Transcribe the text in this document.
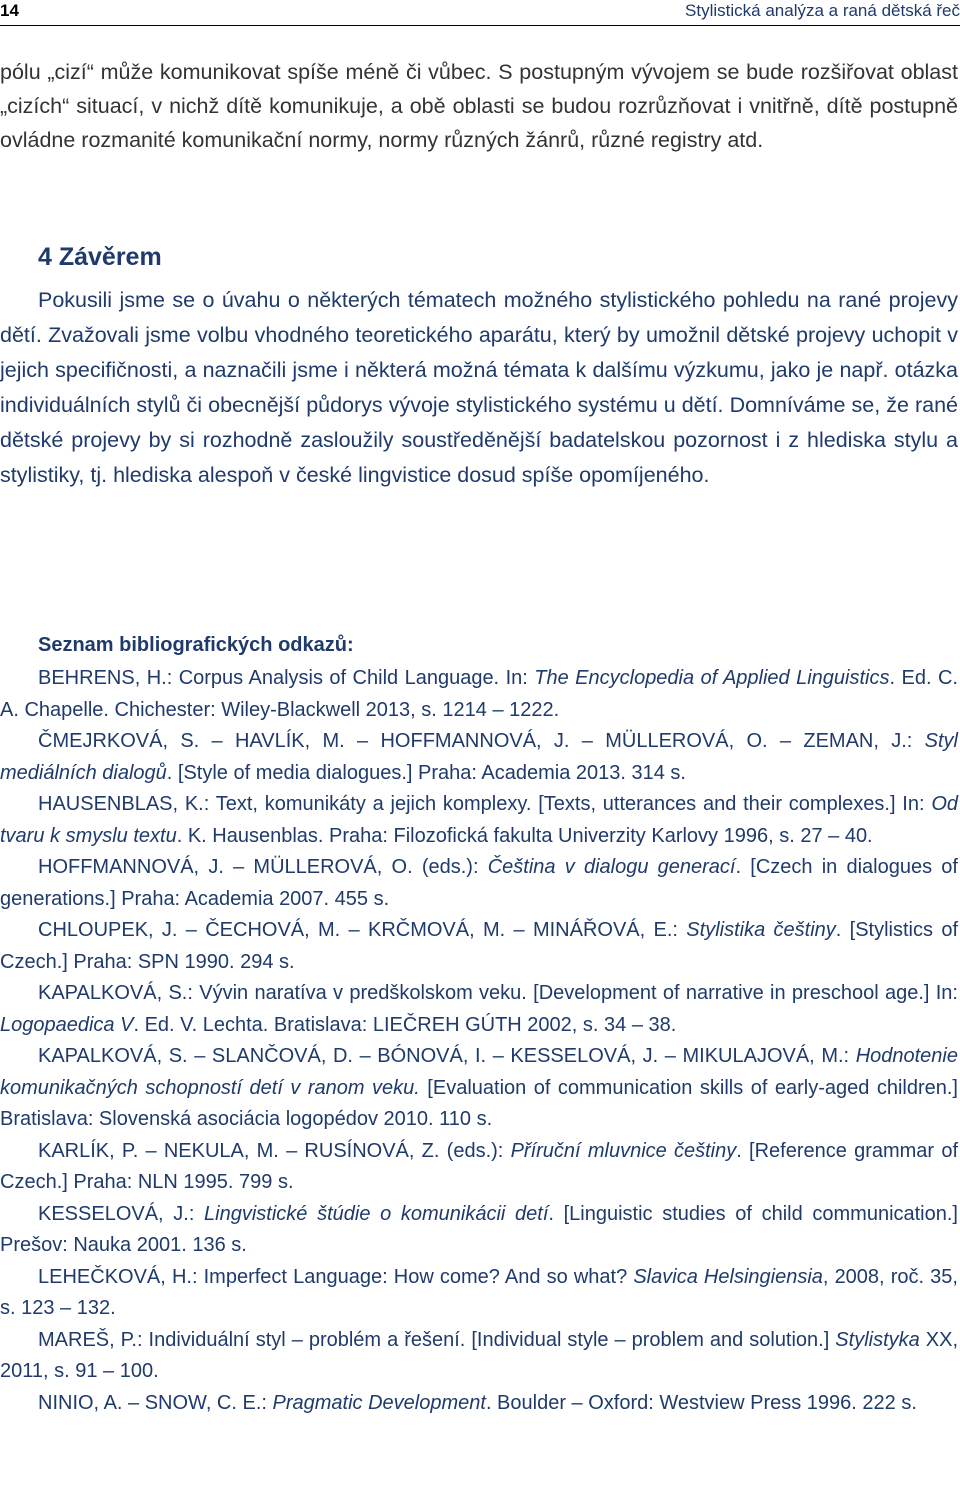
14	Stylistická analýza a raná dětská řeč
pólu „cizí“ může komunikovat spíše méně či vůbec. S postupným vývojem se bude rozšiřovat oblast „cizích“ situací, v nichž dítě komunikuje, a obě oblasti se budou rozrůzňovat i vnitřně, dítě postupně ovládne rozmanité komunikační normy, normy různých žánrů, různé registry atd.
4 Závěrem
Pokusili jsme se o úvahu o některých tématech možného stylistického pohledu na rané projevy dětí. Zvažovali jsme volbu vhodného teoretického aparátu, který by umožnil dětské projevy uchopit v jejich specifičnosti, a naznačili jsme i některá možná témata k dalšímu výzkumu, jako je např. otázka individuálních stylů či obecnější půdorys vývoje stylistického systému u dětí. Domníváme se, že rané dětské projevy by si rozhodně zasloužily soustředěnější badatelskou pozornost i z hlediska stylu a stylistiky, tj. hlediska alespoň v české lingvistice dosud spíše opomíjeného.
Seznam bibliografických odkazů:

BEHRENS, H.: Corpus Analysis of Child Language. In: The Encyclopedia of Applied Linguistics. Ed. C. A. Chapelle. Chichester: Wiley-Blackwell 2013, s. 1214 – 1222.

ČMEJRKOVÁ, S. – HAVLÍK, M. – HOFFMANNOVÁ, J. – MÜLLEROVÁ, O. – ZEMAN, J.: Styl mediálních dialogů. [Style of media dialogues.] Praha: Academia 2013. 314 s.

HAUSENBLAS, K.: Text, komunikáty a jejich komplexy. [Texts, utterances and their complexes.] In: Od tvaru k smyslu textu. K. Hausenblas. Praha: Filozofická fakulta Univerzity Karlovy 1996, s. 27 – 40.

HOFFMANNOVÁ, J. – MÜLLEROVÁ, O. (eds.): Čeština v dialogu generací. [Czech in dialogues of generations.] Praha: Academia 2007. 455 s.

CHLOUPEK, J. – ČECHOVÁ, M. – KRČMOVÁ, M. – MINÁŘOVÁ, E.: Stylistika češtiny. [Stylistics of Czech.] Praha: SPN 1990. 294 s.

KAPALKOVÁ, S.: Vývin naratíva v predškolskom veku. [Development of narrative in preschool age.] In: Logopaedica V. Ed. V. Lechta. Bratislava: LIEČREH GÚTH 2002, s. 34 – 38.

KAPALKOVÁ, S. – SLANČOVÁ, D. – BÓNOVÁ, I. – KESSELOVÁ, J. – MIKULAJOVÁ, M.: Hodnotenie komunikačných schopností detí v ranom veku. [Evaluation of communication skills of early-aged children.] Bratislava: Slovenská asociácia logopédov 2010. 110 s.

KARLÍK, P. – NEKULA, M. – RUSÍNOVÁ, Z. (eds.): Příruční mluvnice češtiny. [Reference grammar of Czech.] Praha: NLN 1995. 799 s.

KESSELOVÁ, J.: Lingvistické štúdie o komunikácii detí. [Linguistic studies of child communication.] Prešov: Nauka 2001. 136 s.

LEHEČKOVÁ, H.: Imperfect Language: How come? And so what? Slavica Helsingiensia, 2008, roč. 35, s. 123 – 132.

MAREŠ, P.: Individuální styl – problém a řešení. [Individual style – problem and solution.] Stylistyka XX, 2011, s. 91 – 100.

NINIO, A. – SNOW, C. E.: Pragmatic Development. Boulder – Oxford: Westview Press 1996. 222 s.
